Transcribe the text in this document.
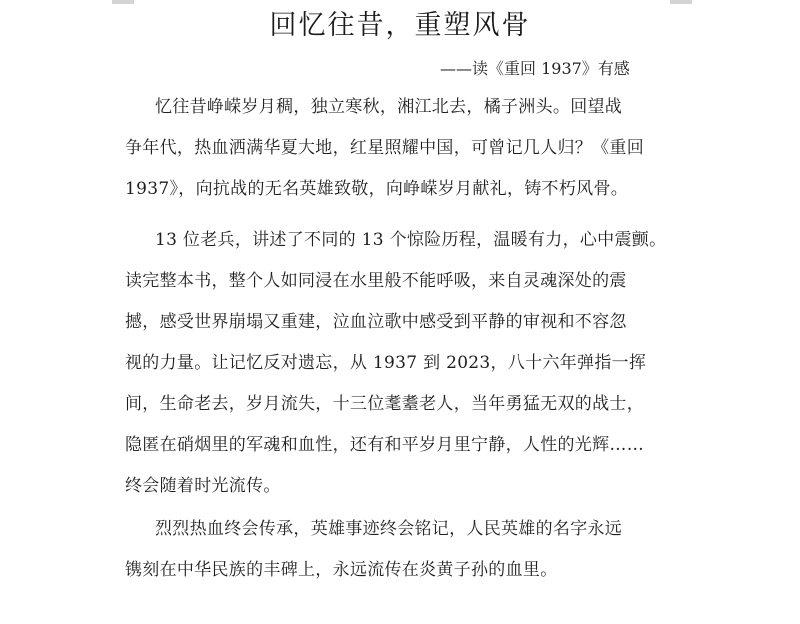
回忆往昔，重塑风骨
——读《重回 1937》有感
忆往昔峥嵘岁月稠，独立寒秋，湘江北去，橘子洲头。回望战
争年代，热血洒满华夏大地，红星照耀中国，可曾记几人归？《重回
1937》，向抗战的无名英雄致敬，向峥嵘岁月献礼，铸不朽风骨。
13 位老兵，讲述了不同的 13 个惊险历程，温暖有力，心中震颤。
读完整本书，整个人如同浸在水里般不能呼吸，来自灵魂深处的震
撼，感受世界崩塌又重建，泣血泣歌中感受到平静的审视和不容忽
视的力量。让记忆反对遗忘，从 1937 到 2023，八十六年弹指一挥
间，生命老去，岁月流失，十三位耄耋老人，当年勇猛无双的战士，
隐匿在硝烟里的军魂和血性，还有和平岁月里宁静，人性的光辉……
终会随着时光流传。
烈烈热血终会传承，英雄事迹终会铭记，人民英雄的名字永远
镌刻在中华民族的丰碑上，永远流传在炎黄子孙的血里。
